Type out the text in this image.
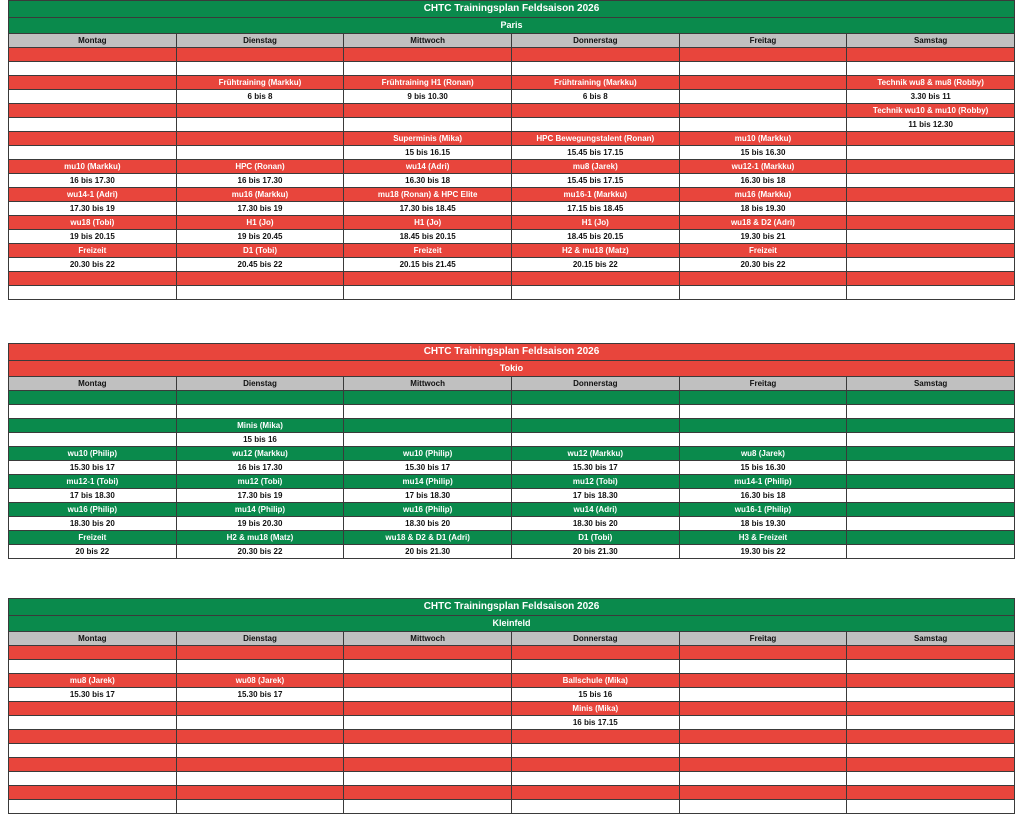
CHTC Trainingsplan Feldsaison 2026					
Paris					
Montag	Dienstag	Mittwoch	Donnerstag	Freitag	Samstag

	Frühtraining (Markku)	Frühtraining H1 (Ronan)	Frühtraining (Markku)		Technik wu8 & mu8 (Robby)
	6 bis 8	9 bis 10.30	6 bis 8		3.30 bis 11
					Technik wu10 & mu10 (Robby)
					11 bis 12.30
		Superminis (Mika)	HPC Bewegungstalent (Ronan)	mu10 (Markku)	
		15 bis 16.15	15.45 bis 17.15	15 bis 16.30	
mu10 (Markku)	HPC (Ronan)	wu14 (Adri)	mu8 (Jarek)	wu12-1 (Markku)	
16 bis 17.30	16 bis 17.30	16.30 bis 18	15.45 bis 17.15	16.30 bis 18	
wu14-1 (Adri)	mu16 (Markku)	mu18 (Ronan) & HPC Elite	mu16-1 (Markku)	mu16 (Markku)	
17.30 bis 19	17.30 bis 19	17.30 bis 18.45	17.15 bis 18.45	18 bis 19.30	
wu18 (Tobi)	H1 (Jo)	H1 (Jo)	H1 (Jo)	wu18 & D2 (Adri)	
19 bis 20.15	19 bis 20.45	18.45 bis 20.15	18.45 bis 20.15	19.30 bis 21	
Freizeit	D1 (Tobi)	Freizeit	H2 & mu18 (Matz)	Freizeit	
20.30 bis 22	20.45 bis 22	20.15 bis 21.45	20.15 bis 22	20.30 bis 22	

CHTC Trainingsplan Feldsaison 2026					
Tokio					
Montag	Dienstag	Mittwoch	Donnerstag	Freitag	Samstag

	Minis (Mika)				
	15 bis 16				
wu10 (Philip)	wu12 (Markku)	wu10 (Philip)	wu12 (Markku)	wu8 (Jarek)	
15.30 bis 17	16 bis 17.30	15.30 bis 17	15.30 bis 17	15 bis 16.30	
mu12-1 (Tobi)	mu12 (Tobi)	mu14 (Philip)	mu12 (Tobi)	mu14-1 (Philip)	
17 bis 18.30	17.30 bis 19	17 bis 18.30	17 bis 18.30	16.30 bis 18	
wu16 (Philip)	mu14 (Philip)	wu16 (Philip)	wu14 (Adri)	wu16-1 (Philip)	
18.30 bis 20	19 bis 20.30	18.30 bis 20	18.30 bis 20	18 bis 19.30	
Freizeit	H2 & mu18 (Matz)	wu18 & D2 & D1 (Adri)	D1 (Tobi)	H3 & Freizeit	
20 bis 22	20.30 bis 22	20 bis 21.30	20 bis 21.30	19.30 bis 22	
CHTC Trainingsplan Feldsaison 2026					
Kleinfeld					
Montag	Dienstag	Mittwoch	Donnerstag	Freitag	Samstag

mu8 (Jarek)	wu08 (Jarek)		Ballschule (Mika)		
15.30 bis 17	15.30 bis 17		15 bis 16		
			Minis (Mika)		
			16 bis 17.15		
